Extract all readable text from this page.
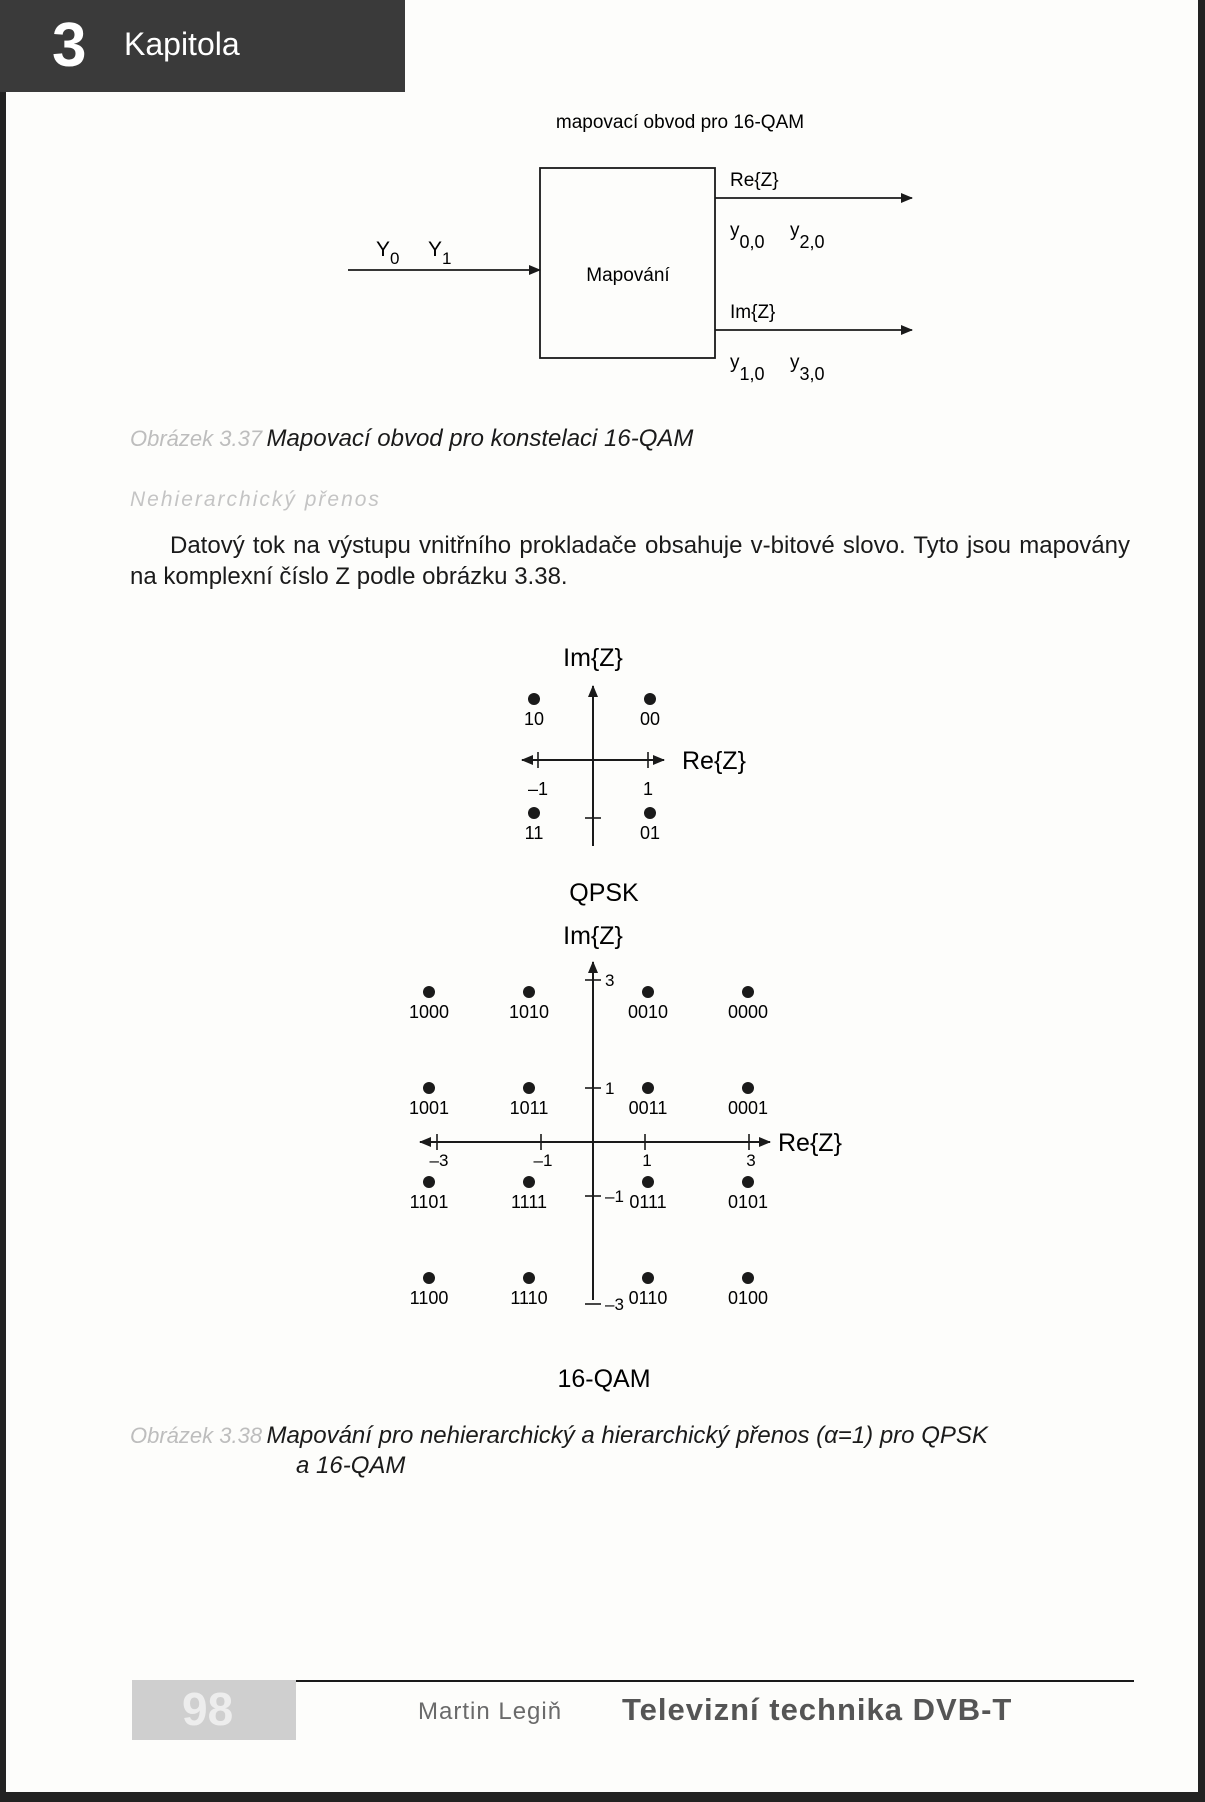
3 Kapitola
mapovací obvod pro 16-QAM
Mapování
$Y_0$ $Y_1$
Re{Z}
Im{Z}
y0,0
y2,0
y1,0
y3,0
Im{Z}
Re{Z}
–1	1
10	00
11	01
QPSK
–3	–1	1	3
3
1
–1
–3
Im{Z}
Re{Z}
1000	1010	0010	0000
1001	1011	0011	0001
1101	1111	0111	0101
1100	1110	0110	0100
16-QAM
Obrázek 3.37 Mapovací obvod pro konstelaci 16-QAM
Nehierarchický přenos
Datový tok na výstupu vnitřního prokladače obsahuje v-bitové slovo. Tyto jsou mapovány na komplexní číslo Z podle obrázku 3.38.
Obrázek 3.38 Mapování pro nehierarchický a hierarchický přenos (α=1) pro QPSK
a 16-QAM
98	Martin Legiň Televizní technika DVB-T
